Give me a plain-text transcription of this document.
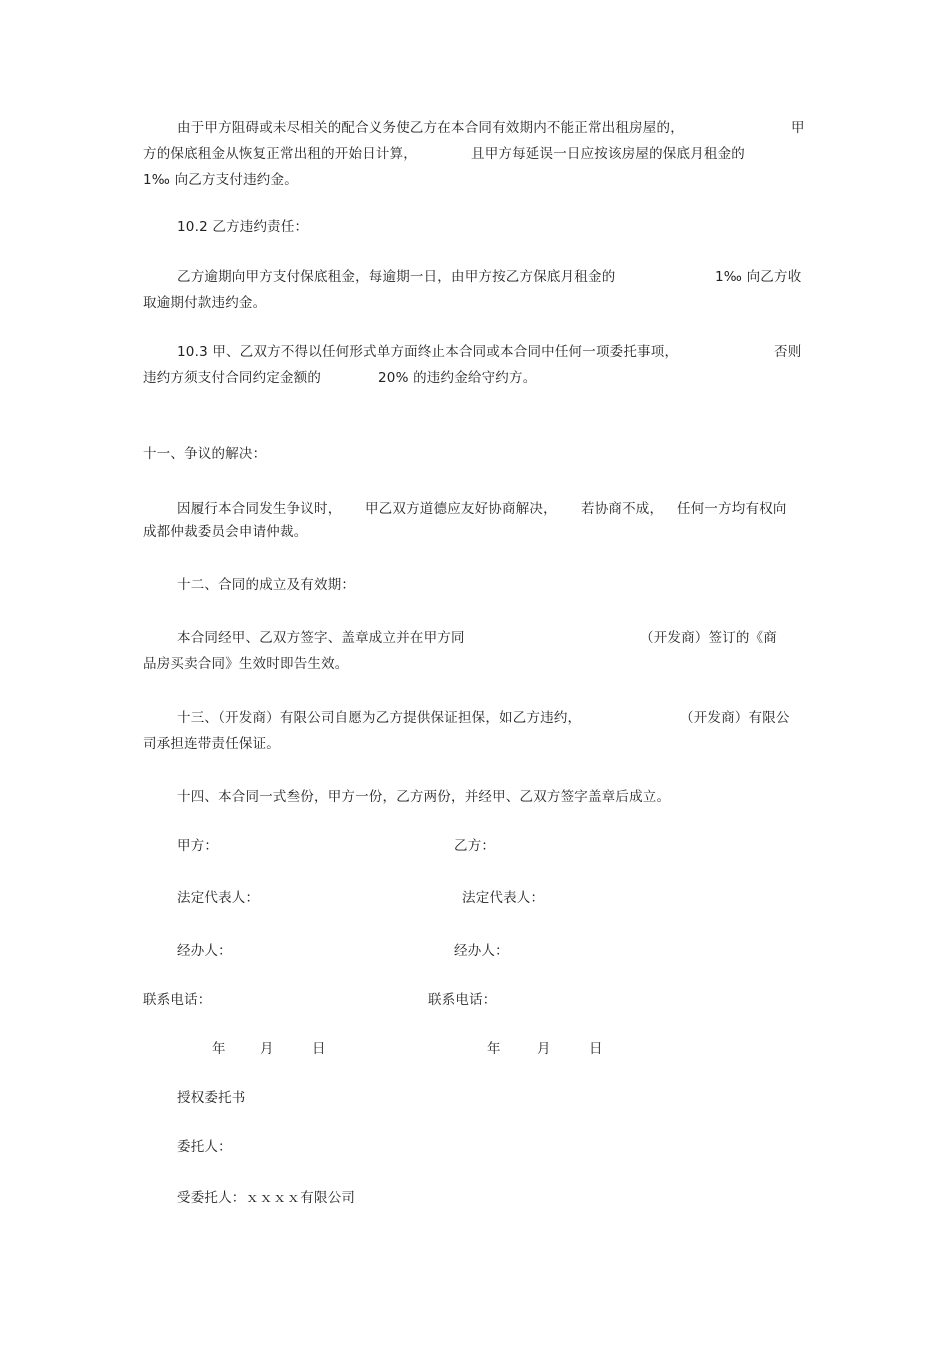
由于甲方阻碍或未尽相关的配合义务使乙方在本合同有效期内不能正常出租房屋的，	甲
方的保底租金从恢复正常出租的开始日计算，	且甲方每延误一日应按该房屋的保底月租金的
1‰ 向乙方支付违约金。
10.2 乙方违约责任：
乙方逾期向甲方支付保底租金，每逾期一日，由甲方按乙方保底月租金的	1‰ 向乙方收
取逾期付款违约金。
10.3 甲、乙双方不得以任何形式单方面终止本合同或本合同中任何一项委托事项，	否则
违约方须支付合同约定金额的	20% 的违约金给守约方。
十一、争议的解决：
因履行本合同发生争议时， 甲乙双方道德应友好协商解决， 若协商不成， 任何一方均有权向
成都仲裁委员会申请仲裁。
十二、合同的成立及有效期：
本合同经甲、乙双方签字、盖章成立并在甲方同	（开发商）签订的《商
品房买卖合同》生效时即告生效。
十三、（开发商）有限公司自愿为乙方提供保证担保，如乙方违约，	（开发商）有限公
司承担连带责任保证。
十四、本合同一式叁份，甲方一份，乙方两份，并经甲、乙双方签字盖章后成立。
甲方：	乙方：
法定代表人：	法定代表人：
经办人：	经办人：
联系电话：	联系电话：
年	月	日	年	月	日
授权委托书
委托人：
受委托人：ｘｘｘｘ有限公司
